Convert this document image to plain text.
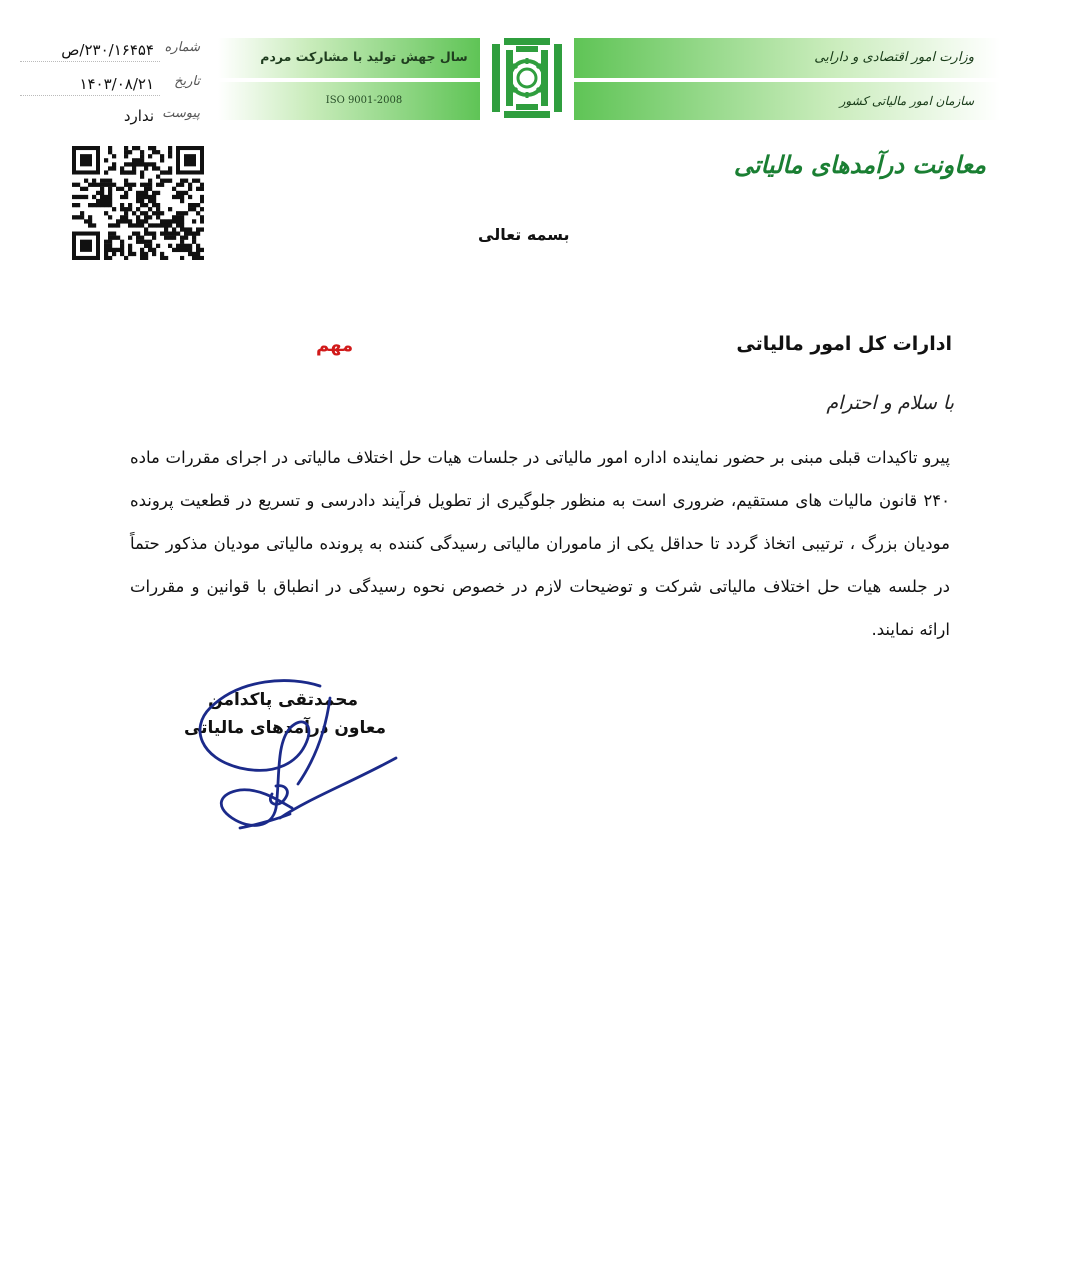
شماره
۲۳۰/۱۶۴۵۴/ص
تاریخ
۱۴۰۳/۰۸/۲۱
پیوست
ندارد
سال جهش تولید با مشارکت مردم
ISO 9001-2008
وزارت امور اقتصادی و دارایی
سازمان امور مالیاتی کشور
معاونت درآمدهای مالیاتی
بسمه تعالی
ادارات کل امور مالیاتی
مهم
با سلام و احترام
پیرو تاکیدات قبلی مبنی بر حضور نماینده اداره امور مالیاتی در جلسات هیات حل اختلاف مالیاتی در اجرای مقررات ماده ۲۴۰ قانون مالیات های مستقیم، ضروری است به منظور جلوگیری از تطویل فرآیند دادرسی و تسریع در قطعیت پرونده مودیان بزرگ ، ترتیبی اتخاذ گردد تا حداقل یکی از ماموران مالیاتی رسیدگی کننده به پرونده مالیاتی مودیان مذکور حتماً در جلسه هیات حل اختلاف مالیاتی شرکت و توضیحات لازم در خصوص نحوه رسیدگی در انطباق با قوانین و مقررات ارائه نمایند.
محمدتقی پاکدامن
معاون درآمدهای مالیاتی
